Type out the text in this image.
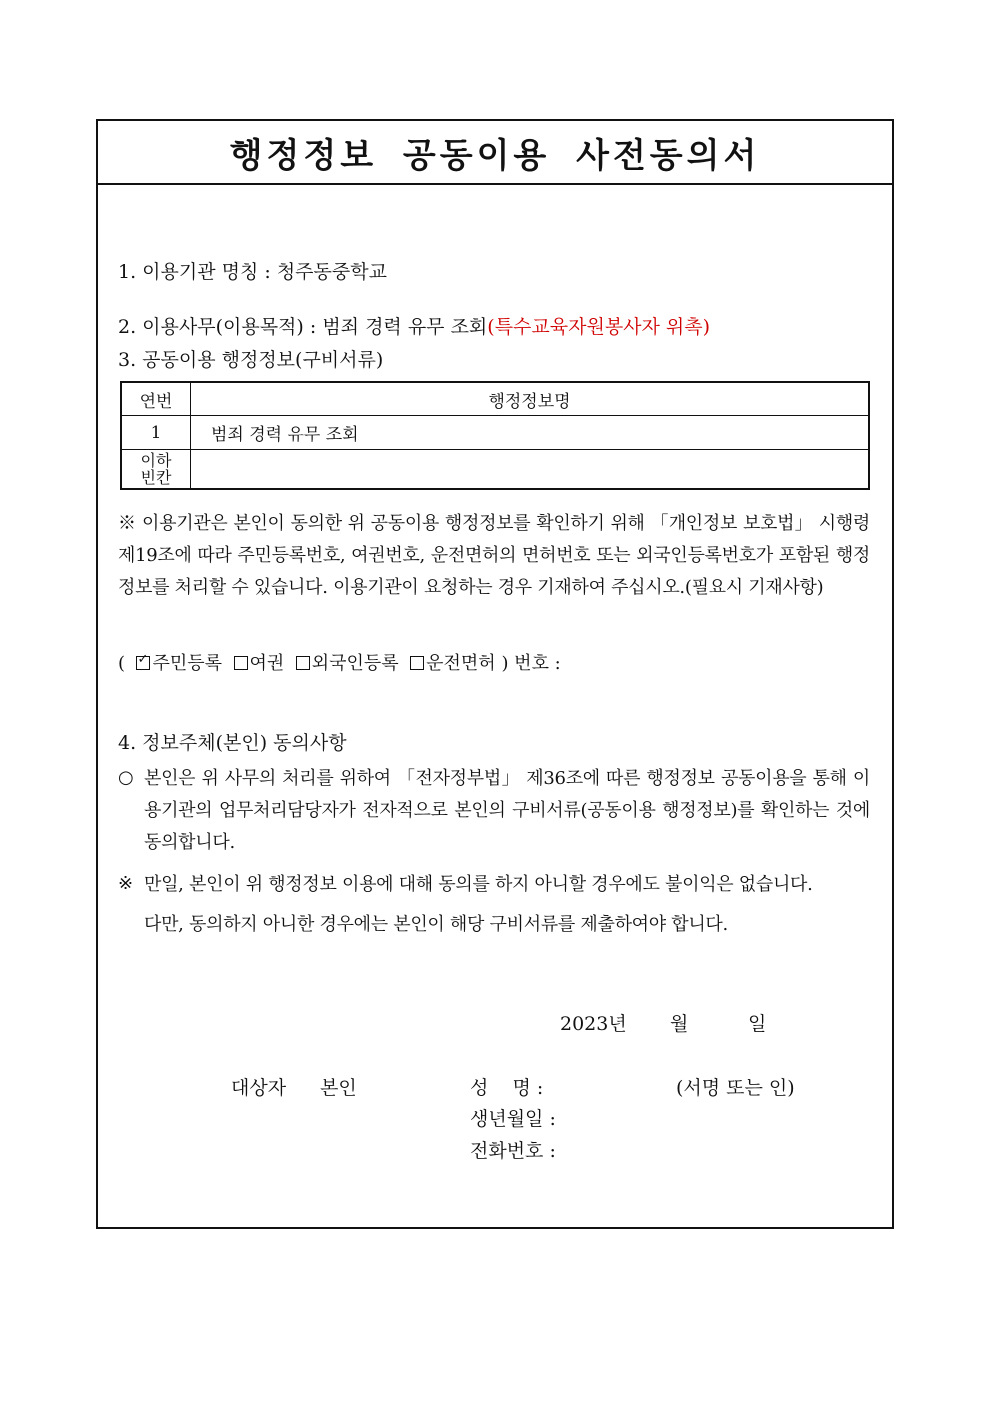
행정정보 공동이용 사전동의서
1. 이용기관 명칭 : 청주동중학교
2. 이용사무(이용목적) : 범죄 경력 유무 조회(특수교육자원봉사자 위촉)
3. 공동이용 행정정보(구비서류)
연번	행정정보명
1	범죄 경력 유무 조회

이하
빈칸	

※ 이용기관은 본인이 동의한 위 공동이용 행정정보를 확인하기 위해 「개인정보 보호법」 시행령 제19조에 따라 주민등록번호, 여권번호, 운전면허의 면허번호 또는 외국인등록번호가 포함된 행정정보를 처리할 수 있습니다. 이용기관이 요청하는 경우 기재하여 주십시오.(필요시 기재사항)
( ✓ 주민등록 여권 외국인등록 운전면허 ) 번호 :
4. 정보주체(본인) 동의사항
○ 본인은 위 사무의 처리를 위하여 「전자정부법」 제36조에 따른 행정정보 공동이용을 통해 이용기관의 업무처리담당자가 전자적으로 본인의 구비서류(공동이용 행정정보)를 확인하는 것에 동의합니다.
※ 만일, 본인이 위 행정정보 이용에 대해 동의를 하지 아니할 경우에도 불이익은 없습니다.
다만, 동의하지 아니한 경우에는 본인이 해당 구비서류를 제출하여야 합니다.
2023년 월	일
대상자 본인	성    명 :	(서명 또는 인)
생년월일 :
전화번호 :
